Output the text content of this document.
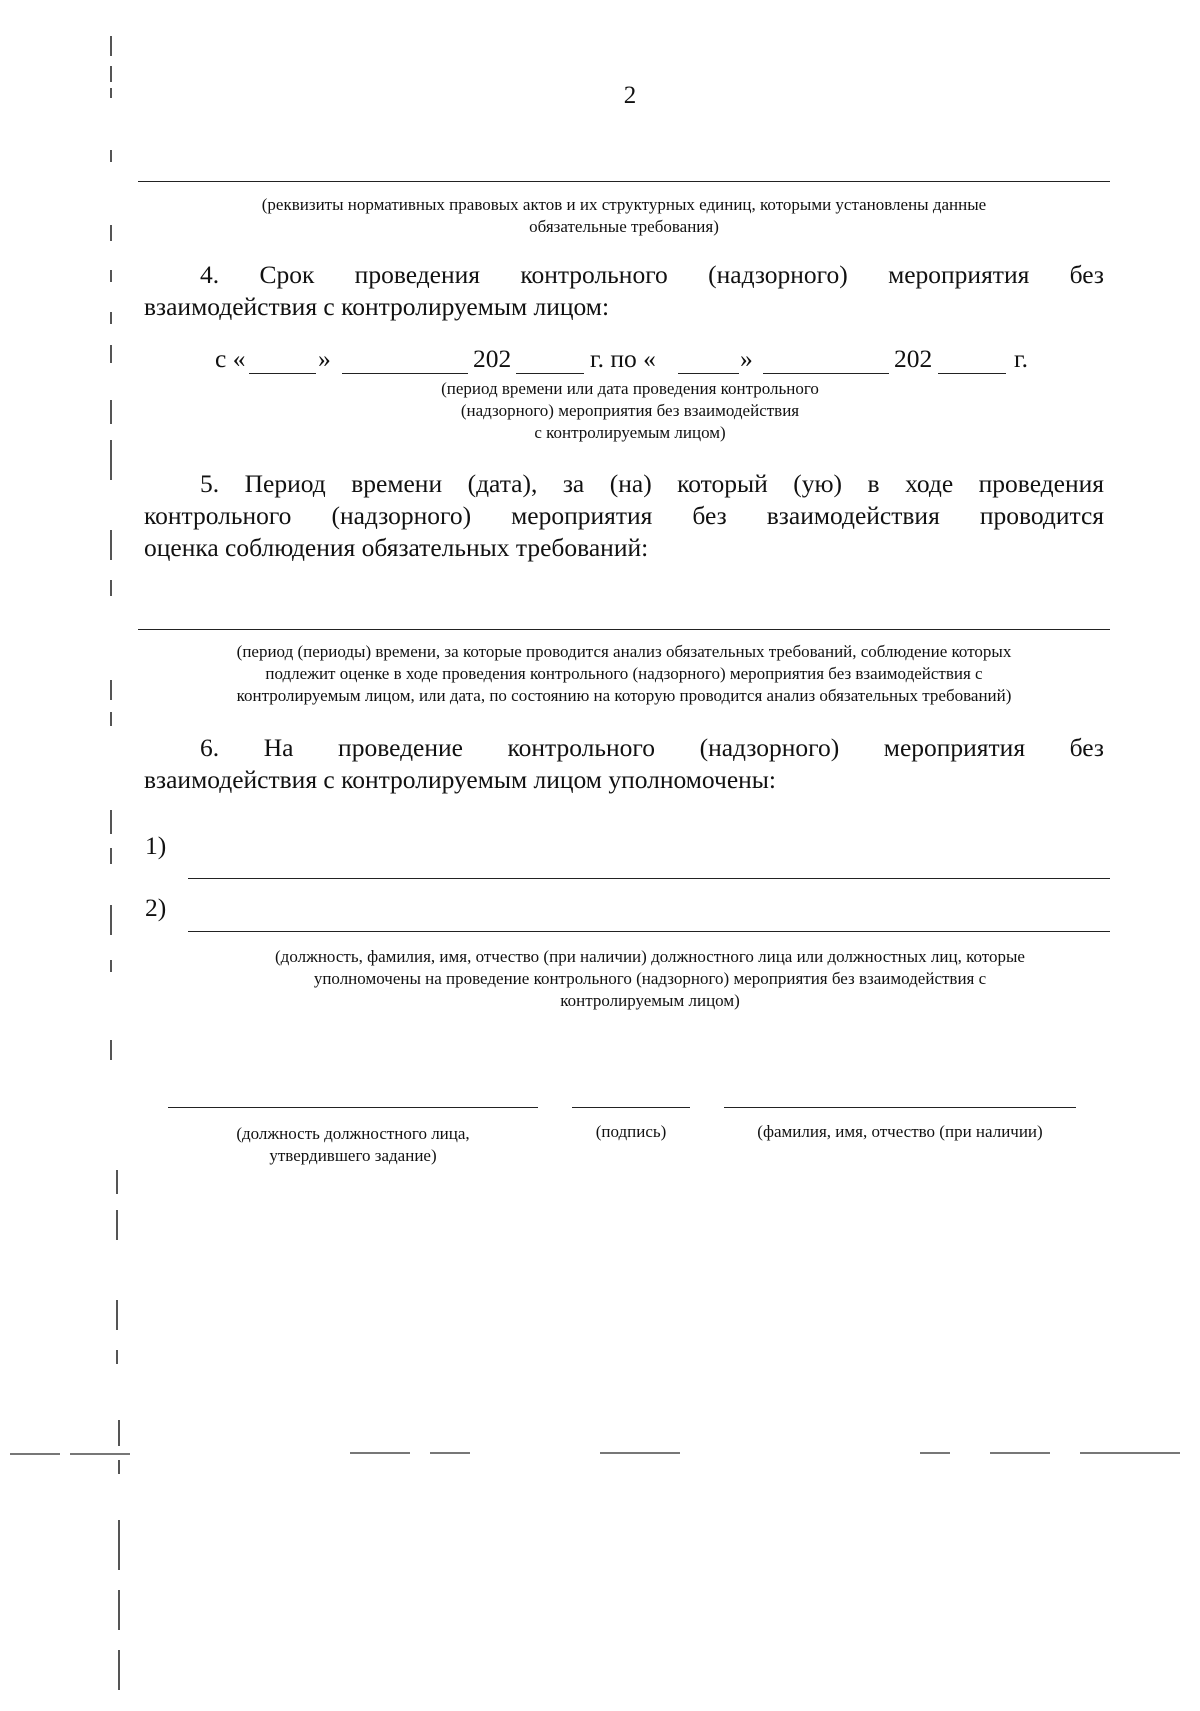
2
(реквизиты нормативных правовых актов и их структурных единиц, которыми установлены данные
обязательные требования)
4. Срок проведения контрольного (надзорного) мероприятия без
взаимодействия с контролируемым лицом:
с «	»	202	г. по «	»	202	г.
(период времени или дата проведения контрольного
(надзорного) мероприятия без взаимодействия
с контролируемым лицом)
5. Период времени (дата), за (на) который (ую) в ходе проведения
контрольного (надзорного) мероприятия без взаимодействия проводится
оценка соблюдения обязательных требований:
(период (периоды) времени, за которые проводится анализ обязательных требований, соблюдение которых
подлежит оценке в ходе проведения контрольного (надзорного) мероприятия без взаимодействия с
контролируемым лицом, или дата, по состоянию на которую проводится анализ обязательных требований)
6. На проведение контрольного (надзорного) мероприятия без
взаимодействия с контролируемым лицом уполномочены:
1)
2)
(должность, фамилия, имя, отчество (при наличии) должностного лица или должностных лиц, которые
уполномочены на проведение контрольного (надзорного) мероприятия без взаимодействия с
контролируемым лицом)
(должность должностного лица,
утвердившего задание)
(подпись)	(фамилия, имя, отчество (при наличии)
